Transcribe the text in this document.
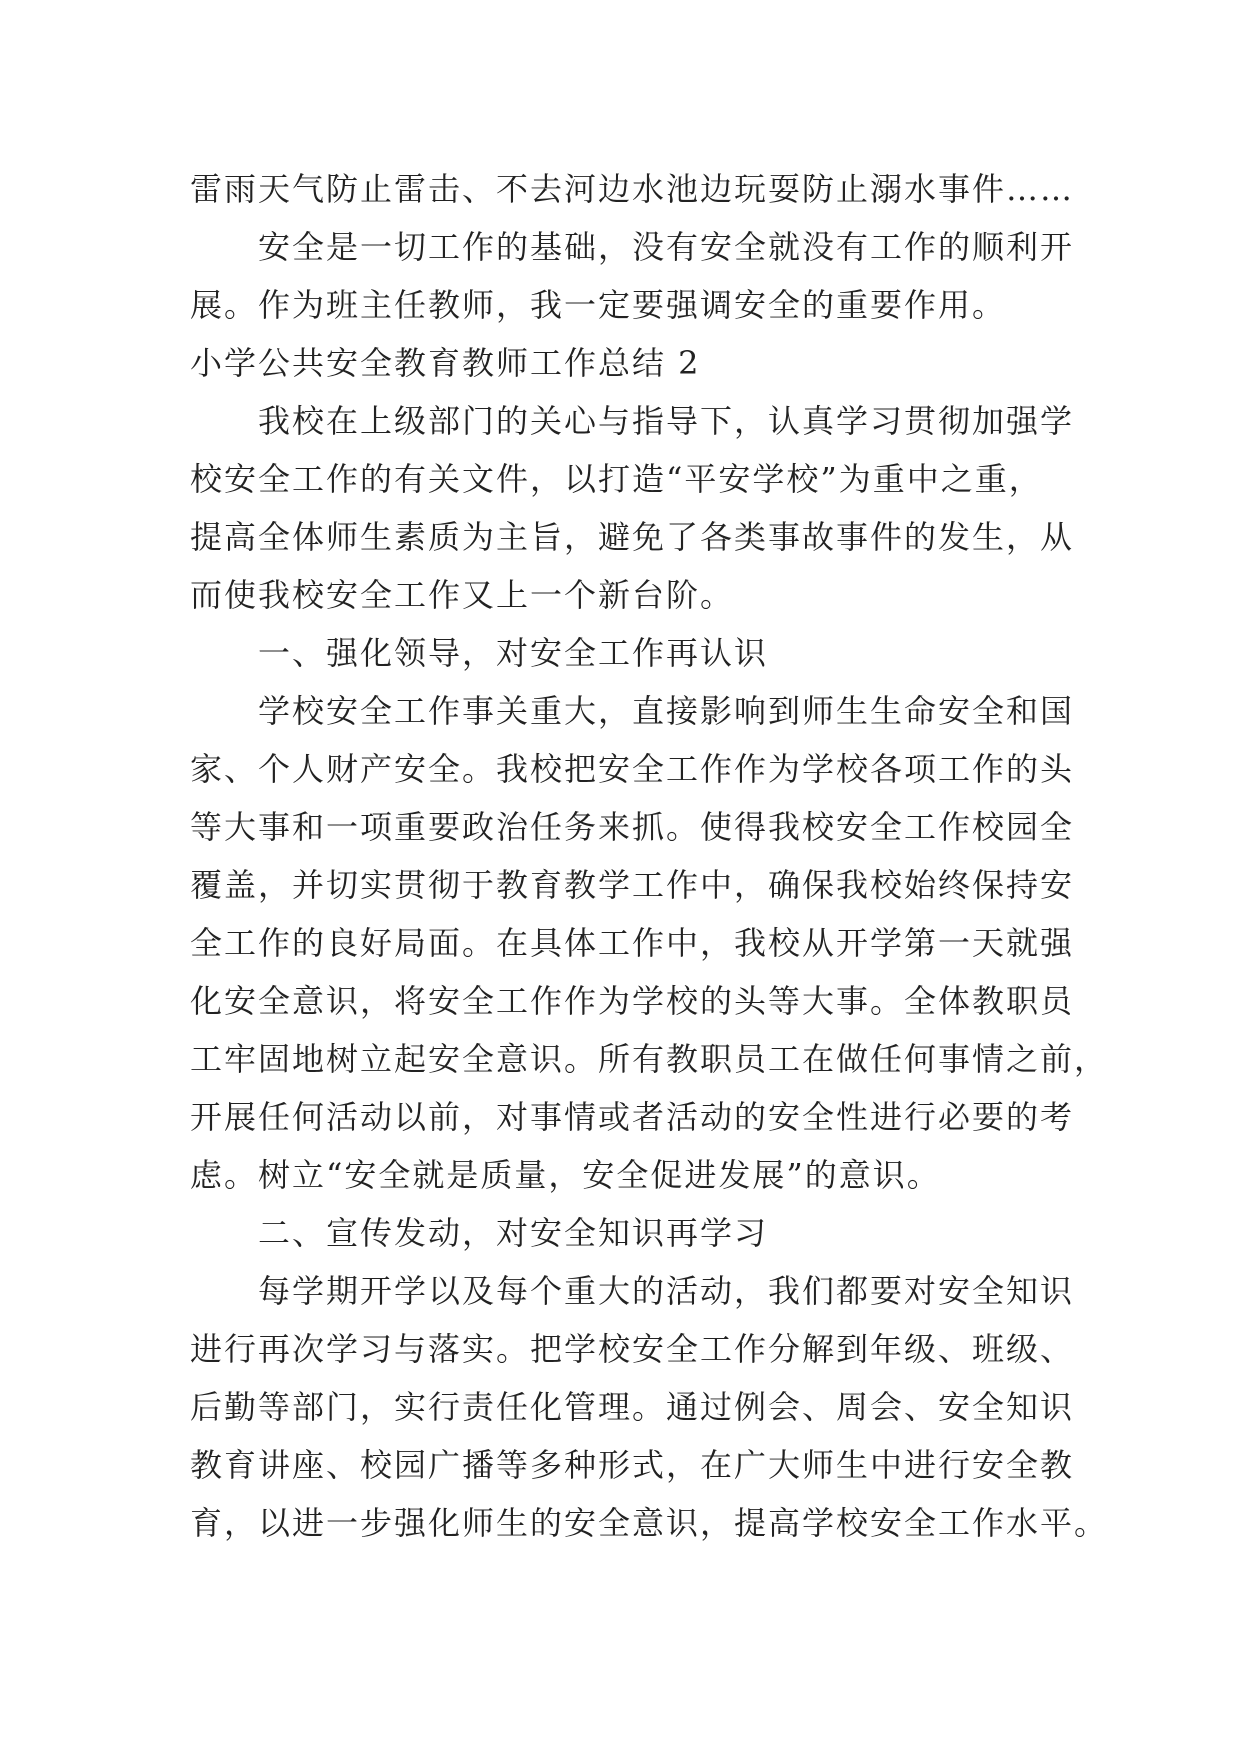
雷雨天气防止雷击、不去河边水池边玩耍防止溺水事件……
安全是一切工作的基础，没有安全就没有工作的顺利开
展。作为班主任教师，我一定要强调安全的重要作用。
小学公共安全教育教师工作总结 2
我校在上级部门的关心与指导下，认真学习贯彻加强学
校安全工作的有关文件，以打造“平安学校”为重中之重，
提高全体师生素质为主旨，避免了各类事故事件的发生，从
而使我校安全工作又上一个新台阶。
一、强化领导，对安全工作再认识
学校安全工作事关重大，直接影响到师生生命安全和国
家、个人财产安全。我校把安全工作作为学校各项工作的头
等大事和一项重要政治任务来抓。使得我校安全工作校园全
覆盖，并切实贯彻于教育教学工作中，确保我校始终保持安
全工作的良好局面。在具体工作中，我校从开学第一天就强
化安全意识，将安全工作作为学校的头等大事。全体教职员
工牢固地树立起安全意识。所有教职员工在做任何事情之前，
开展任何活动以前，对事情或者活动的安全性进行必要的考
虑。树立“安全就是质量，安全促进发展”的意识。
二、宣传发动，对安全知识再学习
每学期开学以及每个重大的活动，我们都要对安全知识
进行再次学习与落实。把学校安全工作分解到年级、班级、
后勤等部门，实行责任化管理。通过例会、周会、安全知识
教育讲座、校园广播等多种形式，在广大师生中进行安全教
育，以进一步强化师生的安全意识，提高学校安全工作水平。
